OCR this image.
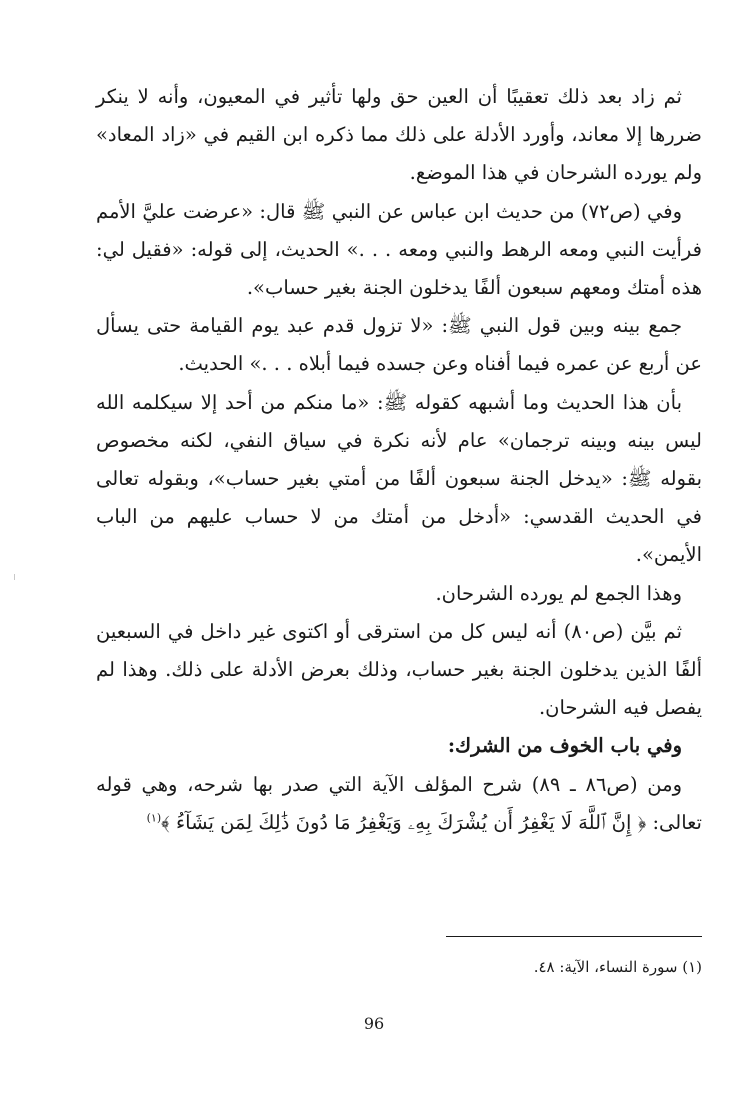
ثم زاد بعد ذلك تعقيبًا أن العين حق ولها تأثير في المعيون، وأنه لا ينكر ضررها إلا معاند، وأورد الأدلة على ذلك مما ذكره ابن القيم في «زاد المعاد» ولم يورده الشرحان في هذا الموضع.

وفي (ص٧٢) من حديث ابن عباس عن النبي ﷺ قال: «عرضت عليَّ الأمم فرأيت النبي ومعه الرهط والنبي ومعه . . .» الحديث، إلى قوله: «فقيل لي: هذه أمتك ومعهم سبعون ألفًا يدخلون الجنة بغير حساب».

جمع بينه وبين قول النبي ﷺ: «لا تزول قدم عبد يوم القيامة حتى يسأل عن أربع عن عمره فيما أفناه وعن جسده فيما أبلاه . . .» الحديث.

بأن هذا الحديث وما أشبهه كقوله ﷺ: «ما منكم من أحد إلا سيكلمه الله ليس بينه وبينه ترجمان» عام لأنه نكرة في سياق النفي، لكنه مخصوص بقوله ﷺ: «يدخل الجنة سبعون ألفًا من أمتي بغير حساب»، وبقوله تعالى في الحديث القدسي: «أدخل من أمتك من لا حساب عليهم من الباب الأيمن».

وهذا الجمع لم يورده الشرحان.

ثم بيَّن (ص٨٠) أنه ليس كل من استرقى أو اكتوى غير داخل في السبعين ألفًا الذين يدخلون الجنة بغير حساب، وذلك بعرض الأدلة على ذلك. وهذا لم يفصل فيه الشرحان.

وفي باب الخوف من الشرك:

ومن (ص٨٦ ـ ٨٩) شرح المؤلف الآية التي صدر بها شرحه، وهي قوله تعالى: ﴿ إِنَّ ٱللَّهَ لَا يَغْفِرُ أَن يُشْرَكَ بِهِۦ وَيَغْفِرُ مَا دُونَ ذَٰلِكَ لِمَن يَشَآءُ ﴾$^{(١)}$

(١) سورة النساء، الآية: ٤٨.
96
